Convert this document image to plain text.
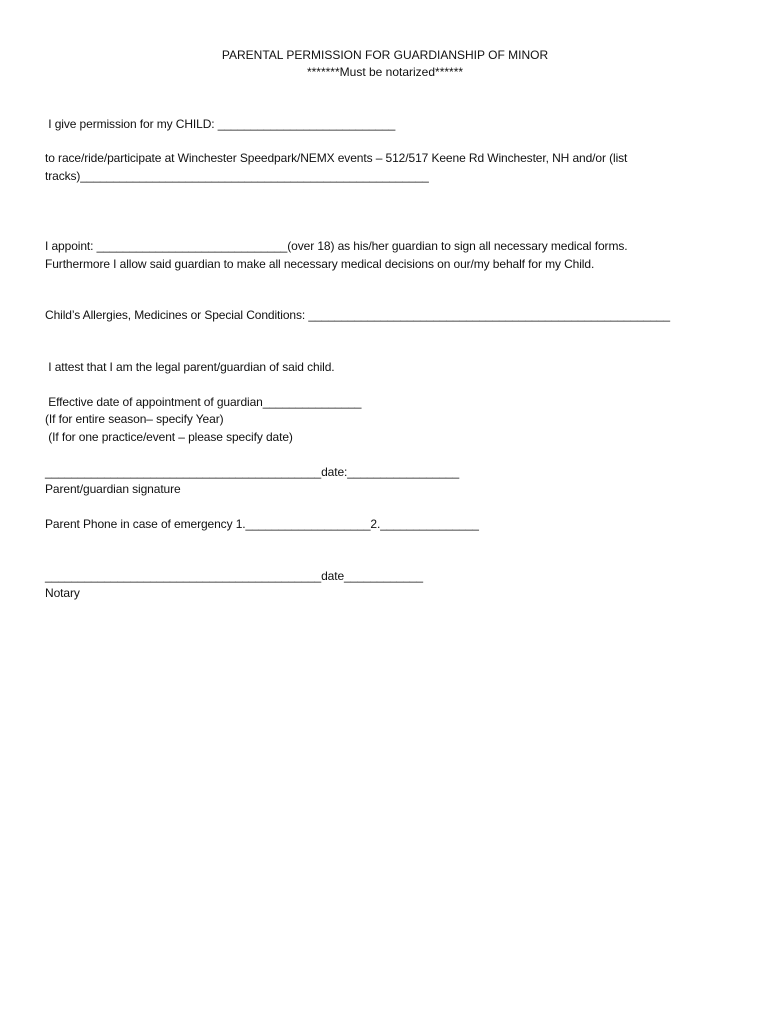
PARENTAL PERMISSION FOR GUARDIANSHIP OF MINOR
*******Must be notarized******
I give permission for my CHILD: ___________________________
to race/ride/participate at Winchester Speedpark/NEMX events – 512/517 Keene Rd Winchester, NH and/or (list
tracks)_____________________________________________________
I appoint: _____________________________(over 18) as his/her guardian to sign all necessary medical forms.
Furthermore I allow said guardian to make all necessary medical decisions on our/my behalf for my Child.
Child’s Allergies, Medicines or Special Conditions: _______________________________________________________
I attest that I am the legal parent/guardian of said child.
Effective date of appointment of guardian_______________
(If for entire season– specify Year)
(If for one practice/event – please specify date)
__________________________________________date:_________________
Parent/guardian signature
Parent Phone in case of emergency 1.___________________2._______________
__________________________________________date____________
Notary
